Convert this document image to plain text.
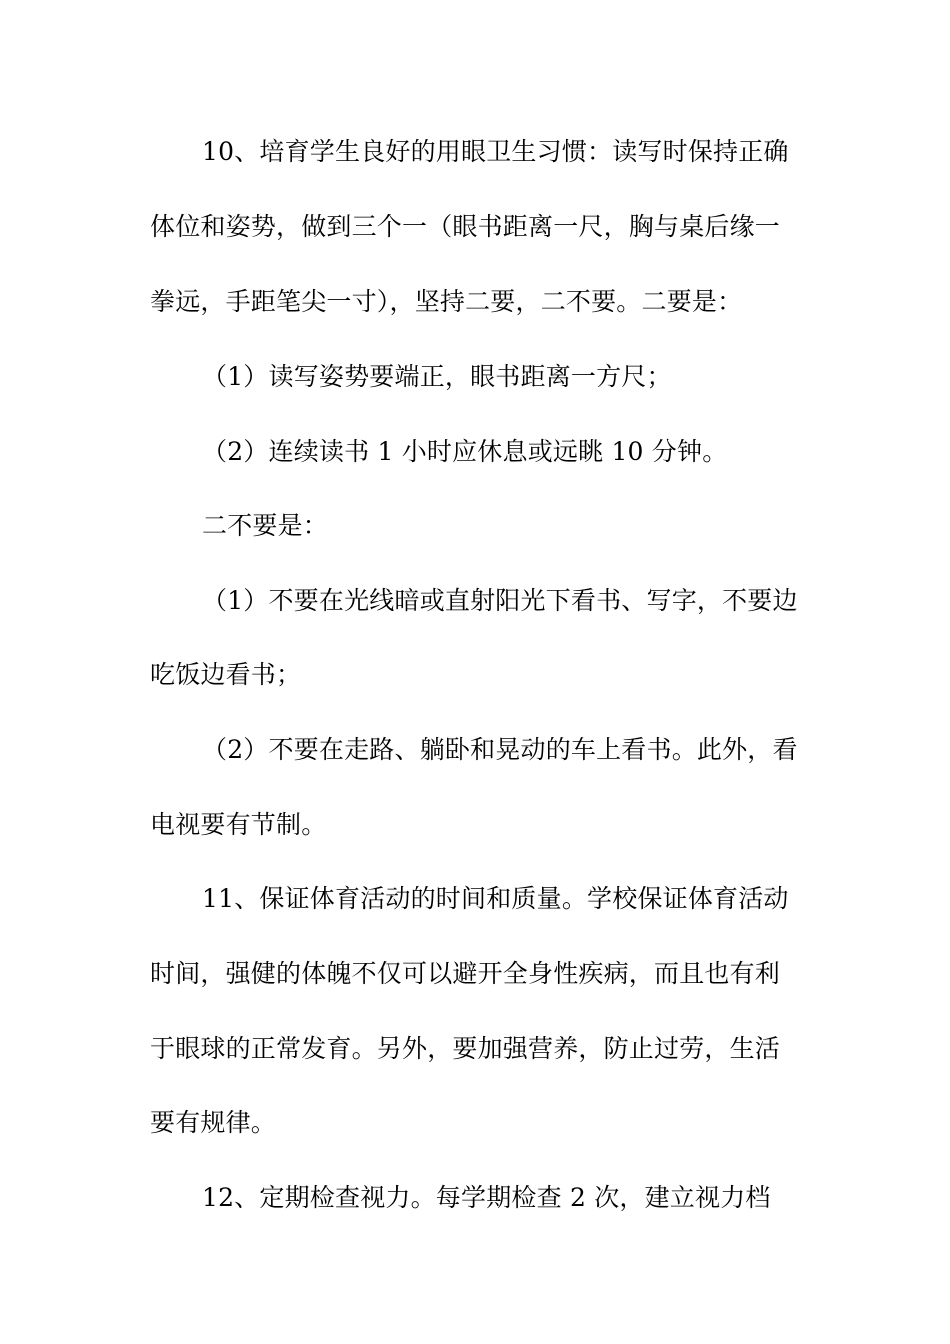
10、培育学生良好的用眼卫生习惯：读写时保持正确
体位和姿势，做到三个一（眼书距离一尺，胸与桌后缘一
拳远，手距笔尖一寸），坚持二要，二不要。二要是：
（1）读写姿势要端正，眼书距离一方尺；
（2）连续读书 1 小时应休息或远眺 10 分钟。
二不要是：
（1）不要在光线暗或直射阳光下看书、写字，不要边
吃饭边看书；
（2）不要在走路、躺卧和晃动的车上看书。此外，看
电视要有节制。
11、保证体育活动的时间和质量。学校保证体育活动
时间，强健的体魄不仅可以避开全身性疾病，而且也有利
于眼球的正常发育。另外，要加强营养，防止过劳，生活
要有规律。
12、定期检查视力。每学期检查 2 次，建立视力档
